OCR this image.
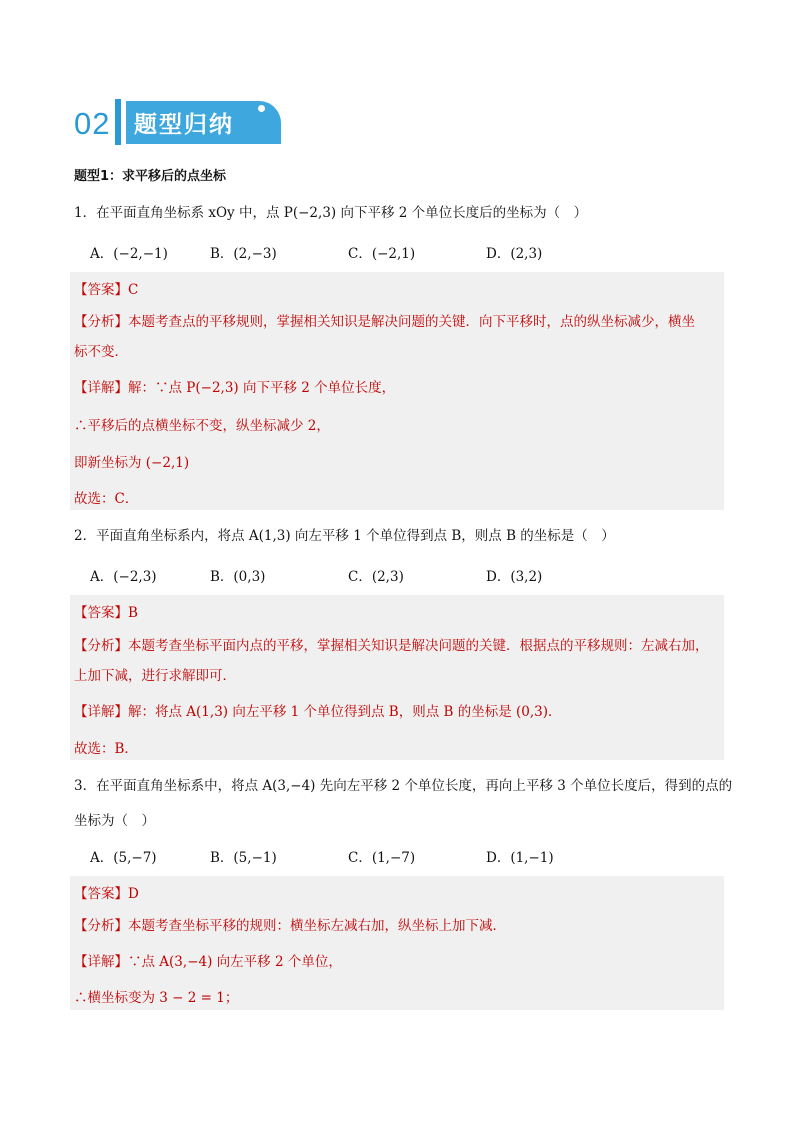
02 题型归纳
题型1：求平移后的点坐标
1．在平面直角坐标系 xOy 中，点 P(−2,3) 向下平移 2 个单位长度后的坐标为（　）
A．(−2,−1)	B．(2,−3)	C．(−2,1)	D．(2,3)
【答案】C
【分析】本题考查点的平移规则，掌握相关知识是解决问题的关键．向下平移时，点的纵坐标减少，横坐
标不变．
【详解】解：∵点 P(−2,3) 向下平移 2 个单位长度，
∴平移后的点横坐标不变，纵坐标减少 2，
即新坐标为 (−2,1)
故选：C．
2．平面直角坐标系内，将点 A(1,3) 向左平移 1 个单位得到点 B，则点 B 的坐标是（　）
A．(−2,3)	B．(0,3)	C．(2,3)	D．(3,2)
【答案】B
【分析】本题考查坐标平面内点的平移，掌握相关知识是解决问题的关键．根据点的平移规则：左减右加，
上加下减，进行求解即可．
【详解】解：将点 A(1,3) 向左平移 1 个单位得到点 B，则点 B 的坐标是 (0,3)．
故选：B．
3．在平面直角坐标系中，将点 A(3,−4) 先向左平移 2 个单位长度，再向上平移 3 个单位长度后，得到的点的
坐标为（　）
A．(5,−7)	B．(5,−1)	C．(1,−7)	D．(1,−1)
【答案】D
【分析】本题考查坐标平移的规则：横坐标左减右加，纵坐标上加下减．
【详解】∵点 A(3,−4) 向左平移 2 个单位，
∴横坐标变为 3 − 2 = 1；
